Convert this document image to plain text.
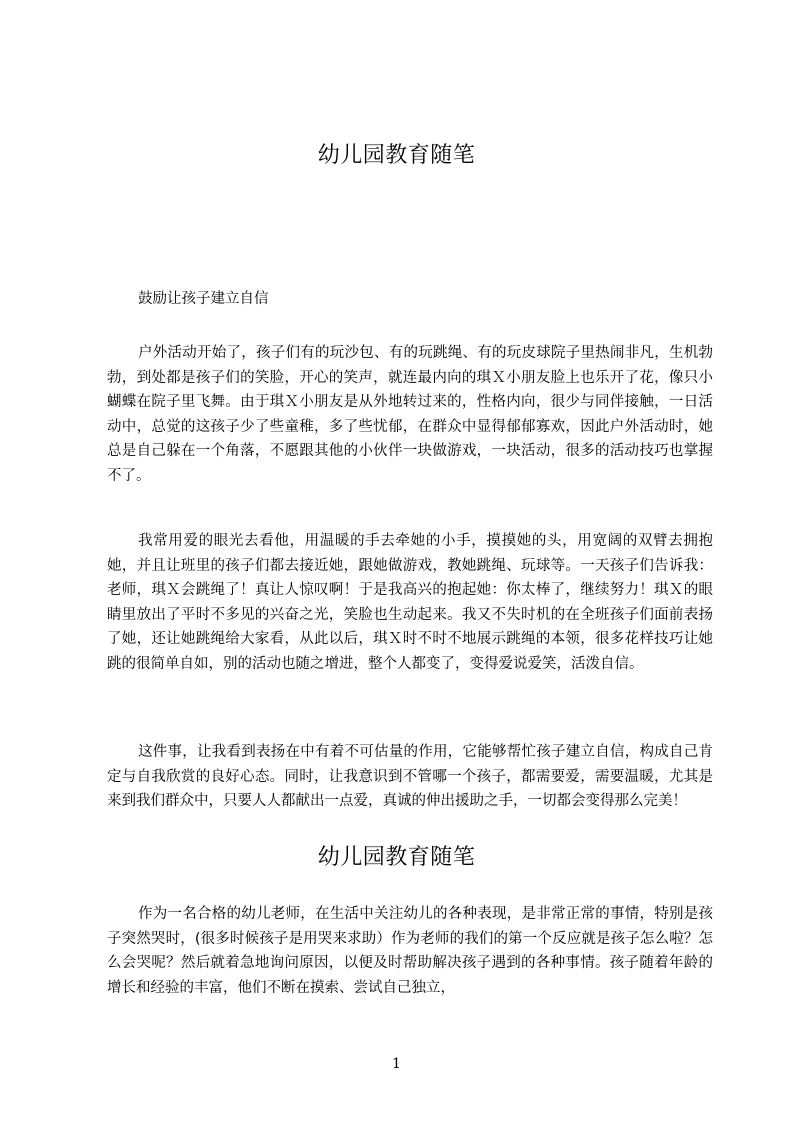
幼儿园教育随笔
鼓励让孩子建立自信

户外活动开始了，孩子们有的玩沙包、有的玩跳绳、有的玩皮球院子里热闹非凡，生机勃勃，到处都是孩子们的笑脸，开心的笑声，就连最内向的琪Ｘ小朋友脸上也乐开了花，像只小蝴蝶在院子里飞舞。由于琪Ｘ小朋友是从外地转过来的，性格内向，很少与同伴接触，一日活动中，总觉的这孩子少了些童稚，多了些忧郁，在群众中显得郁郁寡欢，因此户外活动时，她总是自己躲在一个角落，不愿跟其他的小伙伴一块做游戏，一块活动，很多的活动技巧也掌握不了。

我常用爱的眼光去看他，用温暖的手去牵她的小手，摸摸她的头，用宽阔的双臂去拥抱她，并且让班里的孩子们都去接近她，跟她做游戏，教她跳绳、玩球等。一天孩子们告诉我：老师，琪Ｘ会跳绳了！真让人惊叹啊！于是我高兴的抱起她：你太棒了，继续努力！琪Ｘ的眼睛里放出了平时不多见的兴奋之光，笑脸也生动起来。我又不失时机的在全班孩子们面前表扬了她，还让她跳绳给大家看，从此以后，琪Ｘ时不时不地展示跳绳的本领，很多花样技巧让她跳的很简单自如，别的活动也随之增进，整个人都变了，变得爱说爱笑，活泼自信。

这件事，让我看到表扬在中有着不可估量的作用，它能够帮忙孩子建立自信，构成自己肯定与自我欣赏的良好心态。同时，让我意识到不管哪一个孩子，都需要爱，需要温暖，尤其是来到我们群众中，只要人人都献出一点爱，真诚的伸出援助之手，一切都会变得那么完美！

幼儿园教育随笔

作为一名合格的幼儿老师，在生活中关注幼儿的各种表现，是非常正常的事情，特别是孩子突然哭时，(很多时候孩子是用哭来求助）作为老师的我们的第一个反应就是孩子怎么啦？怎么会哭呢？然后就着急地询问原因，以便及时帮助解决孩子遇到的各种事情。孩子随着年龄的增长和经验的丰富，他们不断在摸索、尝试自己独立，

1
